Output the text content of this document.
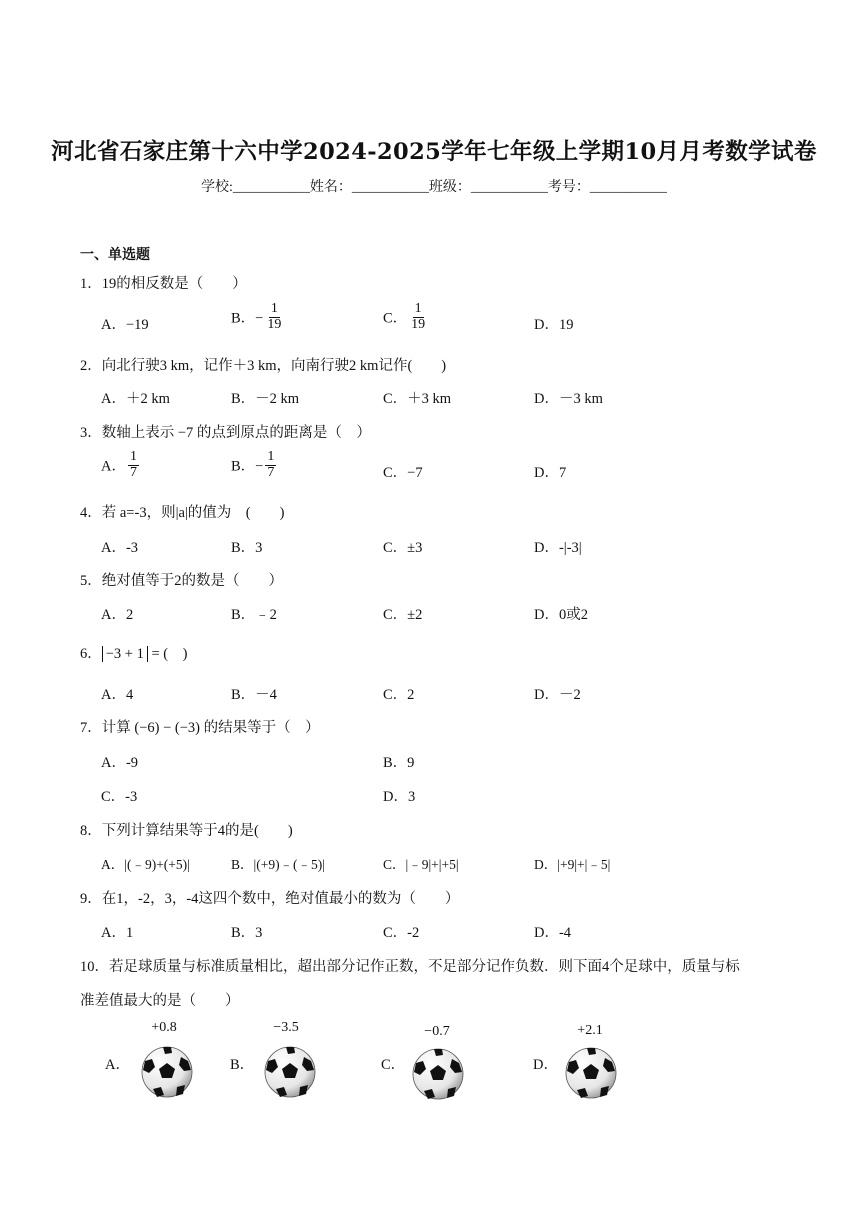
河北省石家庄第十六中学2024-2025学年七年级上学期10月月考数学试卷
学校:___________姓名：___________班级：___________考号：___________
一、单选题
1．19的相反数是（　　）
A．−19	B．− $\frac{1}{19}$	C． $\frac{1}{19}$	D．19
2．向北行驶3 km，记作＋3 km，向南行驶2 km记作(　　)
A．＋2 km	B．－2 km	C．＋3 km	D．－3 km
3．数轴上表示 −7 的点到原点的距离是（　）
A． $\frac{1}{7}$	B．− $\frac{1}{7}$	C．−7	D．7
4．若 a=-3，则|a|的值为　(　　)
A．-3	B．3	C．±3	D．-|-3|
5．绝对值等于2的数是（　　）
A．2	B．﹣2	C．±2	D．0或2
6． −3 + 1 = (　)
A．4	B．－4	C．2	D．－2
7．计算 (−6) − (−3) 的结果等于（　）
A．-9	B．9
C．-3	D．3
8．下列计算结果等于4的是(　　)
A．|(﹣9)+(+5)|	B．|(+9)﹣(﹣5)|	C．|﹣9|+|+5|	D．|+9|+|﹣5|
9．在1，-2，3，-4这四个数中，绝对值最小的数为（　　）
A．1	B．3	C．-2	D．-4
10．若足球质量与标准质量相比，超出部分记作正数，不足部分记作负数．则下面4个足球中，质量与标
准差值最大的是（　　）
A．	B．	C．	D．
+0.8	−3.5	−0.7	+2.1
